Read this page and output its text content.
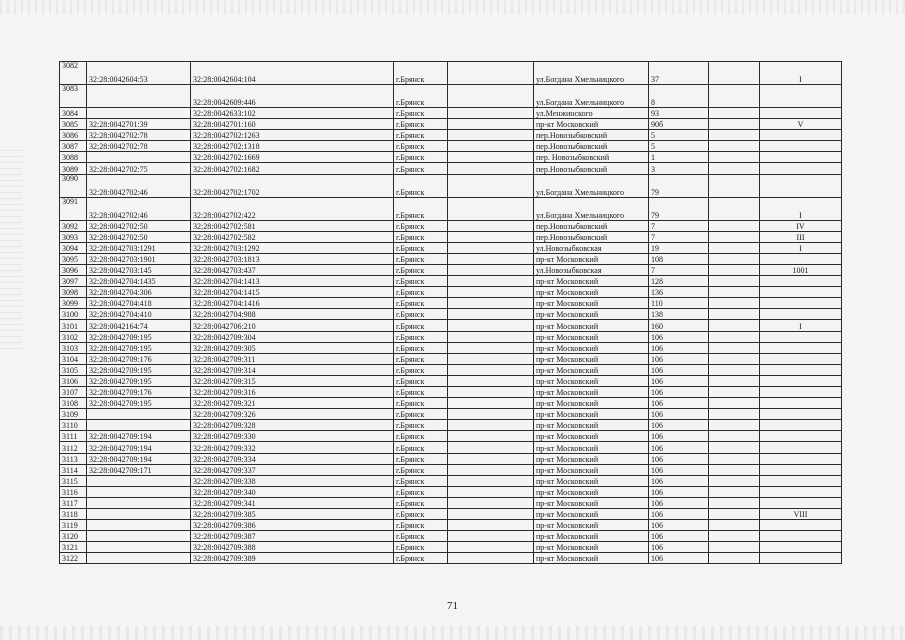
3082	32:28:0042604:53	32:28:0042604:104	г.Брянск		ул.Богдана Хмельницкого	37		I
3083		32:28:0042609:446	г.Брянск		ул.Богдана Хмельницкого	8		
3084		32:28:0042633:102	г.Брянск		ул.Менжинского	93		
3085	32:28:0042701:39	32:28:0042701:160	г.Брянск		пр-кт Московский	90б		V
3086	32:28:0042702:78	32:28:0042702:1263	г.Брянск		пер.Новозыбковский	5		
3087	32:28:0042702:78	32:28:0042702:1318	г.Брянск		пер.Новозыбковский	5		
3088		32:28:0042702:1669	г.Брянск		пер. Новозыбковский	1		
3089	32:28:0042702:75	32:28:0042702:1682	г.Брянск		пер.Новозыбковский	3		
3090	32:28:0042702:46	32:28:0042702:1702	г.Брянск		ул.Богдана Хмельницкого	79		
3091	32:28:0042702:46	32:28:0042702:422	г.Брянск		ул.Богдана Хмельницкого	79		I
3092	32:28:0042702:50	32:28:0042702:581	г.Брянск		пер.Новозыбковский	7		IV
3093	32:28:0042702:50	32:28:0042702:582	г.Брянск		пер.Новозыбковский	7		III
3094	32:28:0042703:1291	32:28:0042703:1292	г.Брянск		ул.Новозыбковская	19		I
3095	32:28:0042703:1901	32:28:0042703:1813	г.Брянск		пр-кт Московский	108		
3096	32:28:0042703:145	32:28:0042703:437	г.Брянск		ул.Новозыбковская	7		1001
3097	32:28:0042704:1435	32:28:0042704:1413	г.Брянск		пр-кт Московский	128		
3098	32:28:0042704:306	32:28:0042704:1415	г.Брянск		пр-кт Московский	136		
3099	32:28:0042704:418	32:28:0042704:1416	г.Брянск		пр-кт Московский	110		
3100	32:28:0042704:410	32:28:0042704:988	г.Брянск		пр-кт Московский	138		
3101	32:28:0042164:74	32:28:0042706:210	г.Брянск		пр-кт Московский	160		I
3102	32:28:0042709:195	32:28:0042709:304	г.Брянск		пр-кт Московский	106		
3103	32:28:0042709:195	32:28:0042709:305	г.Брянск		пр-кт Московский	106		
3104	32:28:0042709:176	32:28:0042709:311	г.Брянск		пр-кт Московский	106		
3105	32:28:0042709:195	32:28:0042709:314	г.Брянск		пр-кт Московский	106		
3106	32:28:0042709:195	32:28:0042709:315	г.Брянск		пр-кт Московский	106		
3107	32:28:0042709:176	32:28:0042709:316	г.Брянск		пр-кт Московский	106		
3108	32:28:0042709:195	32:28:0042709:321	г.Брянск		пр-кт Московский	106		
3109		32:28:0042709:326	г.Брянск		пр-кт Московский	106		
3110		32:28:0042709:328	г.Брянск		пр-кт Московский	106		
3111	32:28:0042709:194	32:28:0042709:330	г.Брянск		пр-кт Московский	106		
3112	32:28:0042709:194	32:28:0042709:332	г.Брянск		пр-кт Московский	106		
3113	32:28:0042709:194	32:28:0042709:334	г.Брянск		пр-кт Московский	106		
3114	32:28:0042709:171	32:28:0042709:337	г.Брянск		пр-кт Московский	106		
3115		32:28:0042709:338	г.Брянск		пр-кт Московский	106		
3116		32:28:0042709:340	г.Брянск		пр-кт Московский	106		
3117		32:28:0042709:341	г.Брянск		пр-кт Московский	106		
3118		32:28:0042709:385	г.Брянск		пр-кт Московский	106		VIII
3119		32:28:0042709:386	г.Брянск		пр-кт Московский	106		
3120		32:28:0042709:387	г.Брянск		пр-кт Московский	106		
3121		32:28:0042709:388	г.Брянск		пр-кт Московский	106		
3122		32:28:0042709:389	г.Брянск		пр-кт Московский	106		
71
